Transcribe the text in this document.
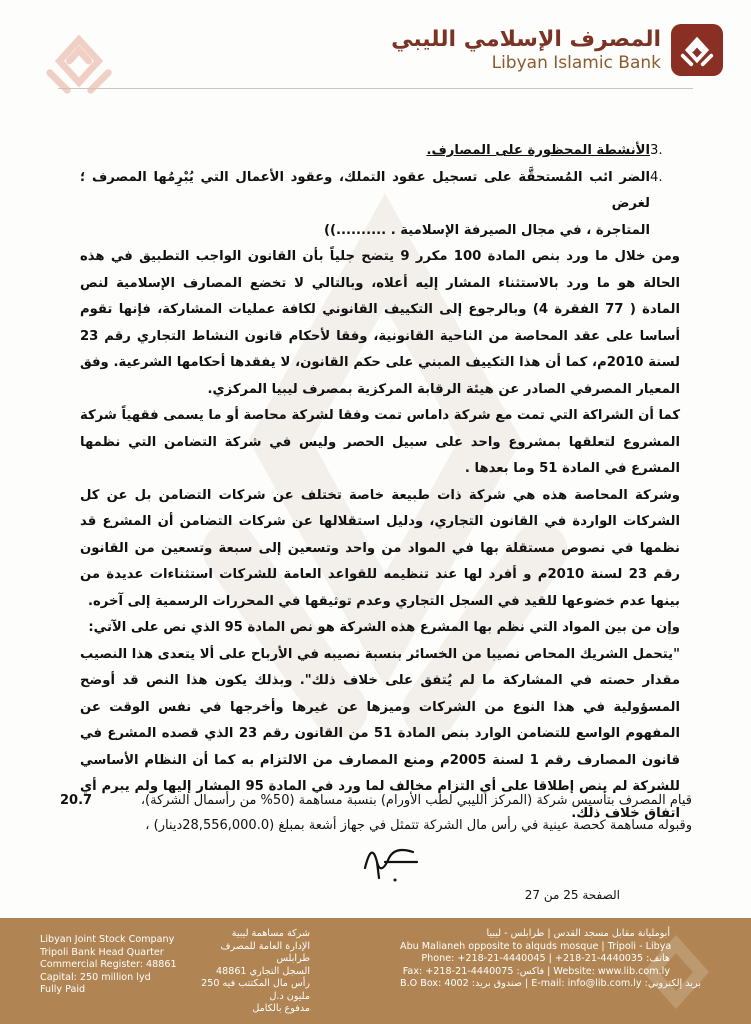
المصرف الإسلامي الليبي
Libyan Islamic Bank
3.
الأنشطة المحظورة على المصارف.
4.
الضر ائب المُستحقَّة على تسجيل عقود التملك، وعقود الأعمال التي يُبْرِمُها المصرف ؛ لغرض

المتاجرة ، في مجال الصيرفة الإسلامية . ..........))

ومن خلال ما ورد بنص المادة 100 مكرر 9 يتضح جلياً بأن القانون الواجب التطبيق في هذه الحالة هو ما ورد بالاستثناء المشار إليه أعلاه، وبالتالي لا تخضع المصارف الإسلامية لنص المادة ( 77 الفقرة 4) وبالرجوع إلى التكييف القانوني لكافة عمليات المشاركة، فإنها تقوم أساسا على عقد المحاصة من الناحية القانونية، وفقا لأحكام قانون النشاط التجاري رقم 23 لسنة 2010م، كما أن هذا التكييف المبني على حكم القانون، لا يفقدها أحكامها الشرعية. وفق المعيار المصرفي الصادر عن هيئة الرقابة المركزية بمصرف ليبيا المركزي.

كما أن الشراكة التي تمت مع شركة داماس تمت وفقا لشركة محاصة أو ما يسمى فقهياً شركة المشروع لتعلقها بمشروع واحد على سبيل الحصر وليس في شركة التضامن التي نظمها المشرع في المادة 51 وما بعدها .

وشركة المحاصة هذه هي شركة ذات طبيعة خاصة تختلف عن شركات التضامن بل عن كل الشركات الواردة في القانون التجاري، ودليل استقلالها عن شركات التضامن أن المشرع قد نظمها في نصوص مستقلة بها في المواد من واحد وتسعين إلى سبعة وتسعين من القانون رقم 23 لسنة 2010م و أفرد لها عند تنظيمه للقواعد العامة للشركات استثناءات عديدة من بينها عدم خضوعها للقيد في السجل التجاري وعدم توثيقها في المحررات الرسمية إلى آخره.

وإن من بين المواد التي نظم بها المشرع هذه الشركة هو نص المادة 95 الذي نص على الآتي:

"يتحمل الشريك المحاص نصيبا من الخسائر بنسبة نصيبه في الأرباح على ألا يتعدى هذا النصيب مقدار حصته في المشاركة ما لم يُتفق على خلاف ذلك". وبذلك يكون هذا النص قد أوضح المسؤولية في هذا النوع من الشركات وميزها عن غيرها وأخرجها في نفس الوقت عن المفهوم الواسع للتضامن الوارد بنص المادة 51 من القانون رقم 23 الذي قصده المشرع في قانون المصارف رقم 1 لسنة 2005م ومنع المصارف من الالتزام به كما أن النظام الأساسي للشركة لم ينص إطلاقا على أي التزام مخالف لما ورد في المادة 95 المشار إليها ولم يبرم أي اتفاق خلاف ذلك.

20.7	قيام المصرف بتأسيس شركة (المركز الليبي لطب الأورام) بنسبة مساهمة (50% من رأسمال الشركة)،
وقبوله مساهمة كحصة عينية في رأس مال الشركة تتمثل في جهاز أشعة بمبلغ (28,556,000.0دينار) ،
الصفحة 25 من 27
Libyan Joint Stock Company
Tripoli Bank Head Quarter
Commercial Register: 48861
Capital: 250 million lyd
Fully Paid
شركة مساهمة ليبية
الإدارة العامة للمصرف طرابلس
السجل التجاري 48861
رأس مال المكتتب فيه 250 مليون د.ل
مدفوع بالكامل
أبومليانة مقابل مسجد القدس | طرابلس - ليبيا
Abu Malianeh opposite to alquds mosque | Tripoli - Libya
Phone: +218-21-4440045 | +218-21-4440035 :هاتف
Fax: +218-21-4440075 :فاكس | Website: www.lib.com.ly
B.O Box: 4002 :صندوق بريد | E-mail: info@lib.com.ly :بريد إلكتروني
